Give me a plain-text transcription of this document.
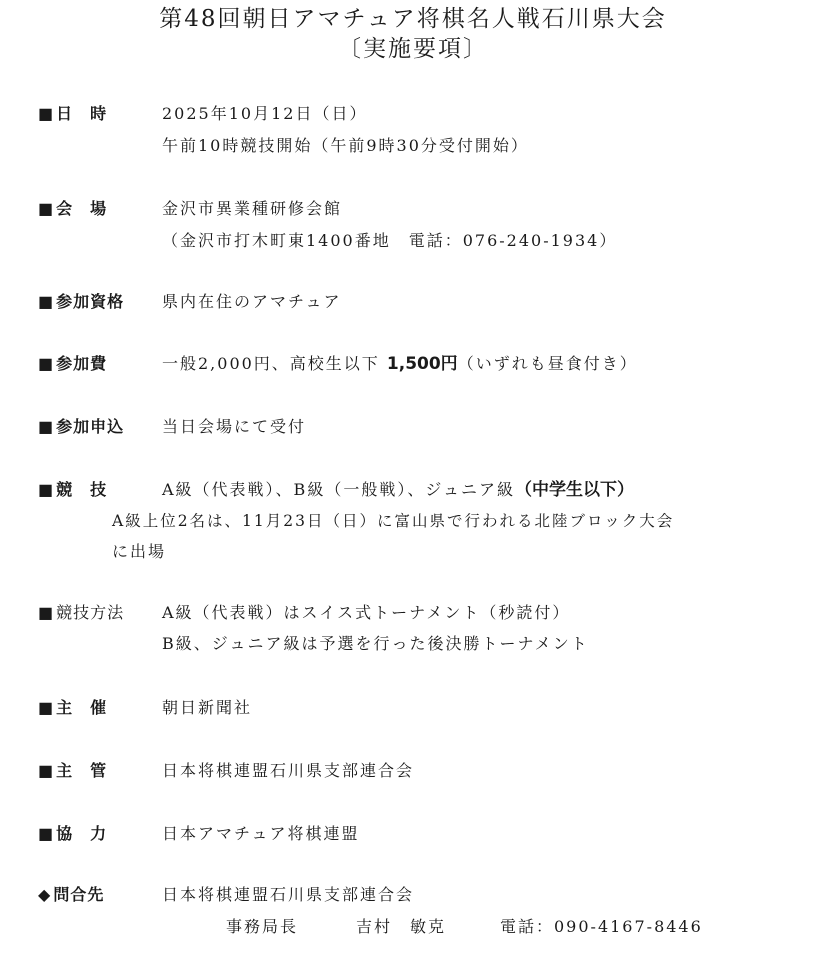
第48回朝日アマチュア将棋名人戦石川県大会
〔実施要項〕
■ 日　時	2025年10月12日（日）
午前10時競技開始（午前9時30分受付開始）
■ 会　場	金沢市異業種研修会館
（金沢市打木町東1400番地　電話：076-240-1934）
■ 参加資格 県内在住のアマチュア
■ 参加費	一般2,000円、高校生以下 1,500円（いずれも昼食付き）
■ 参加申込 当日会場にて受付
■ 競　技	A級（代表戦）、B級（一般戦）、ジュニア級（中学生以下）
A級上位2名は、11月23日（日）に富山県で行われる北陸ブロック大会
に出場
■ 競技方法 A級（代表戦）はスイス式トーナメント（秒読付）
B級、ジュニア級は予選を行った後決勝トーナメント
■ 主　催	朝日新聞社
■ 主　管	日本将棋連盟石川県支部連合会
■ 協　力	日本アマチュア将棋連盟
◆ 問合先	日本将棋連盟石川県支部連合会
事務局長	吉村　敏克	電話：090-4167-8446
